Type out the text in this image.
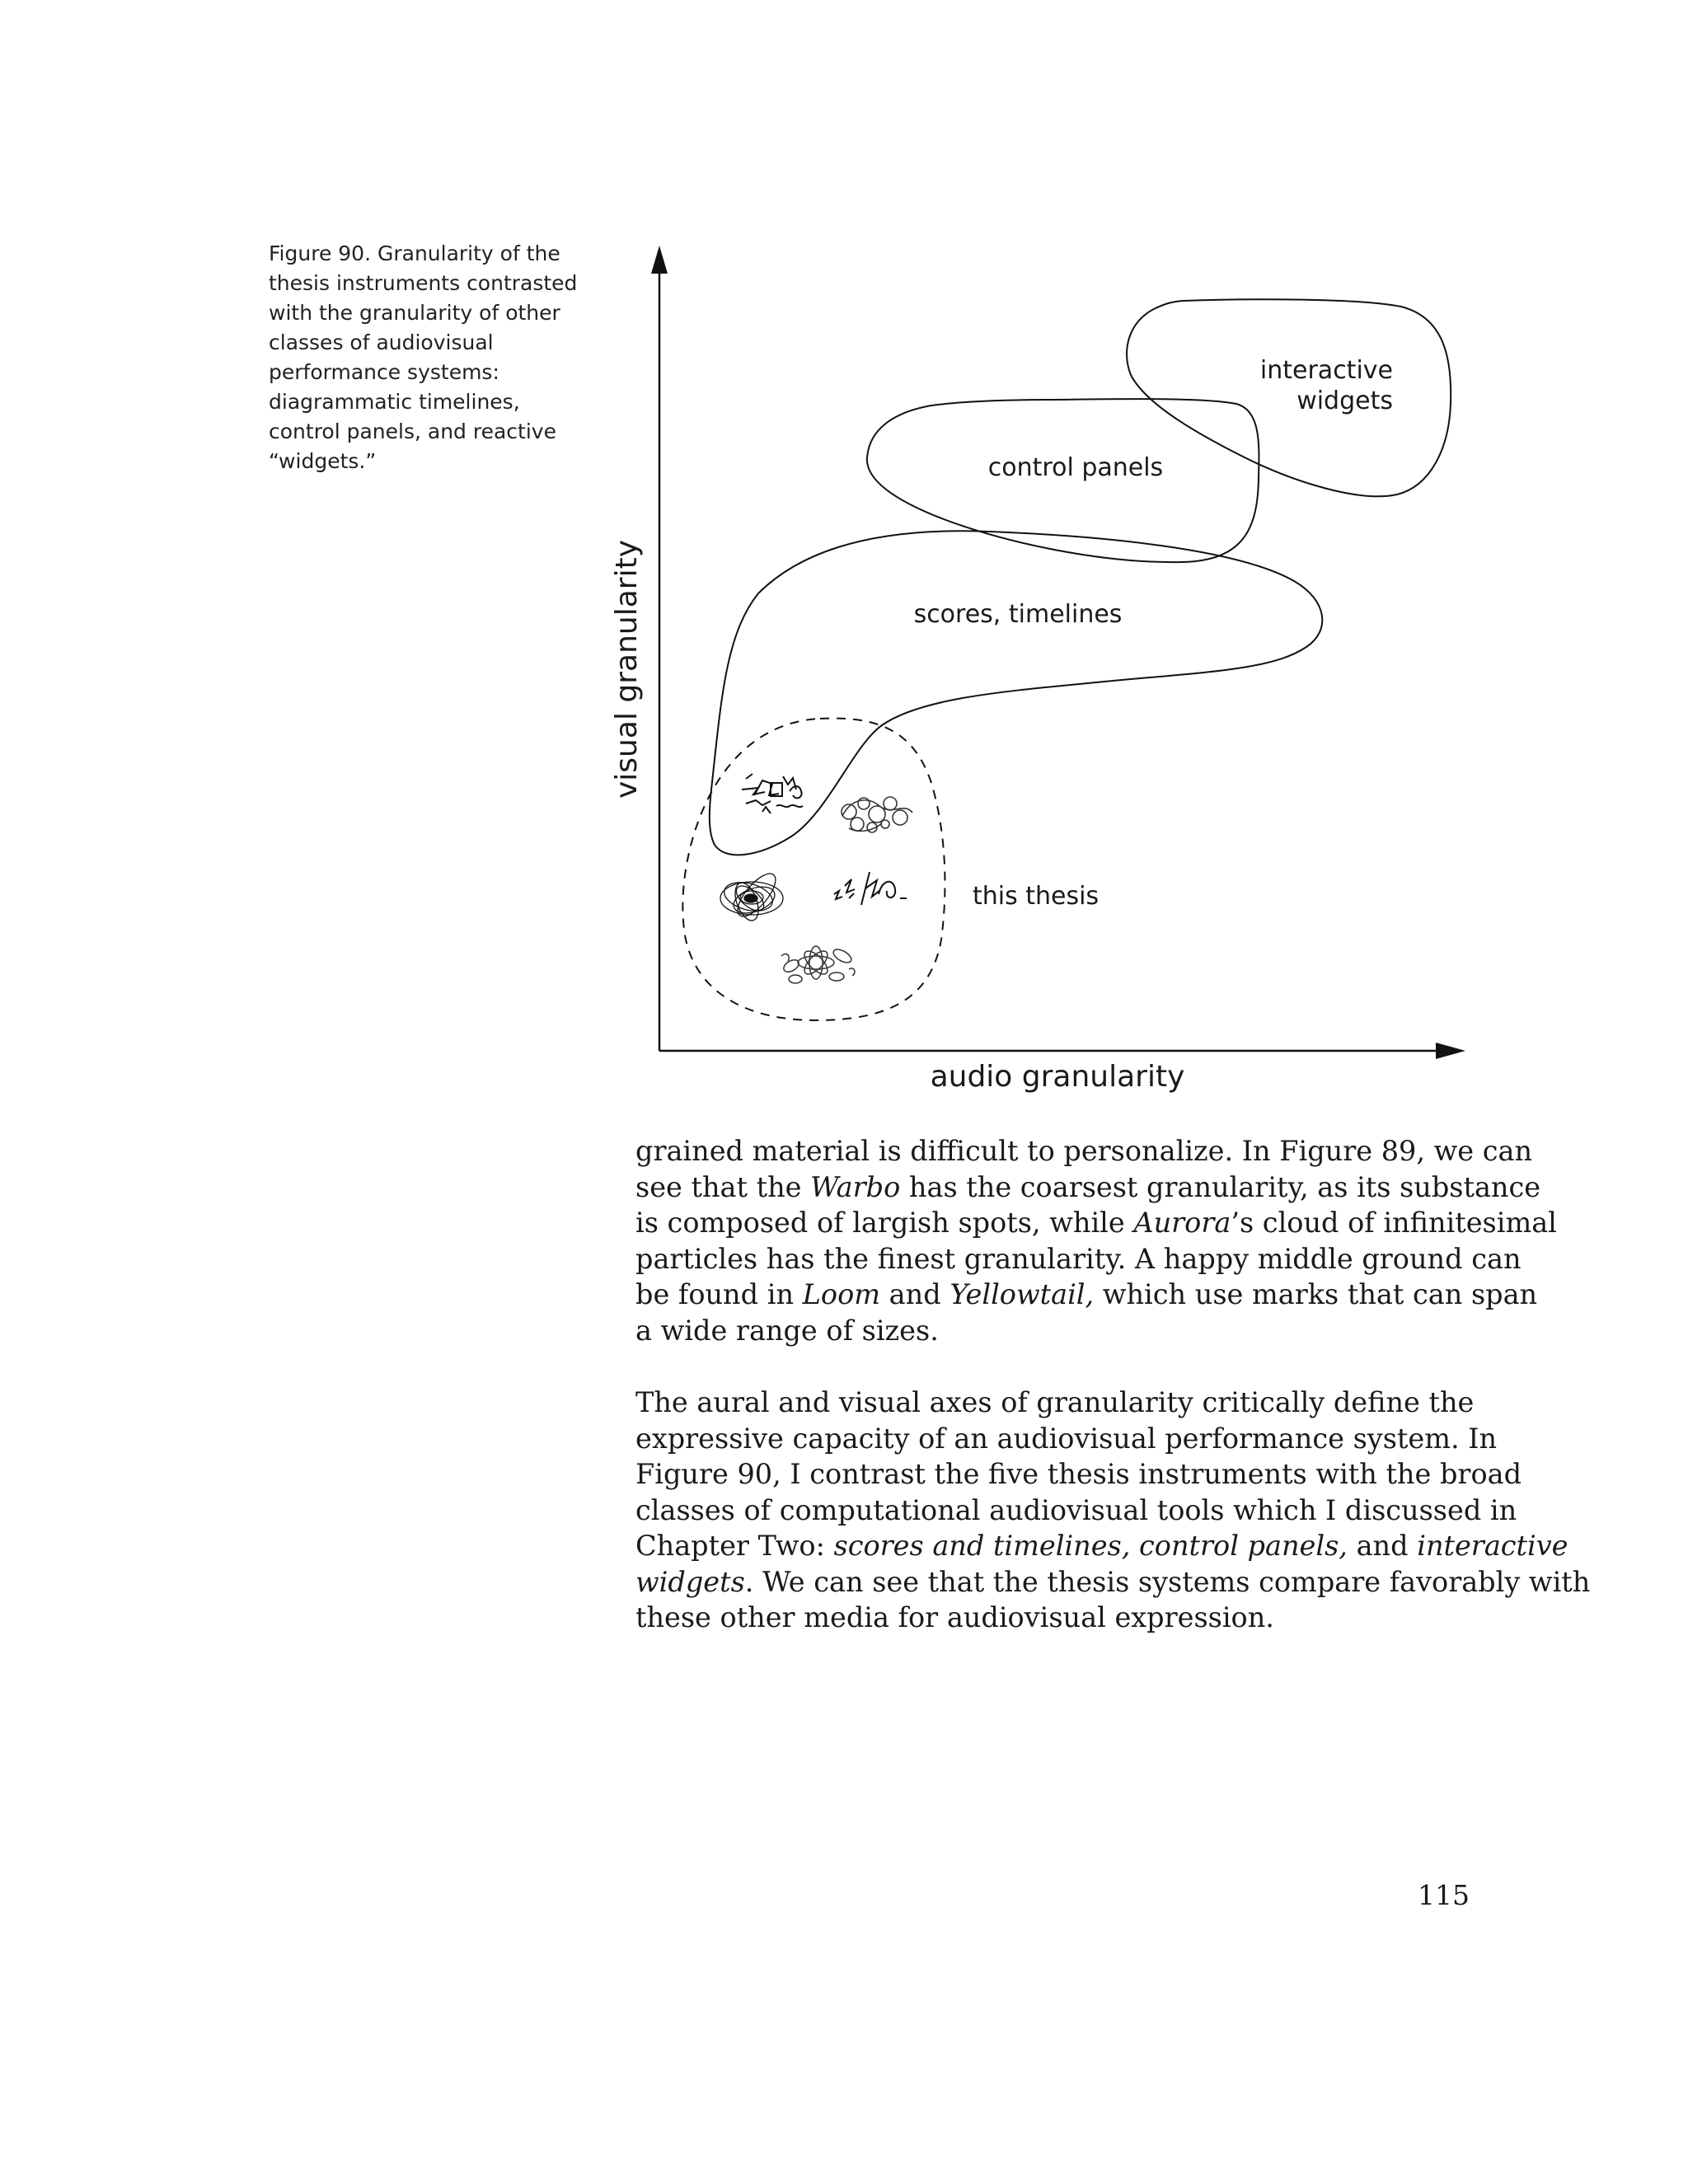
Figure 90. Granularity of the
thesis instruments contrasted
with the granularity of other
classes of audiovisual
performance systems:
diagrammatic timelines,
control panels, and reactive
“widgets.”
audio granularity
visual granularity
interactive
widgets
control panels
scores, timelines
this thesis
grained material is difficult to personalize. In Figure 89, we can
see that the Warbo has the coarsest granularity, as its substance
is composed of largish spots, while Aurora’s cloud of infinitesimal
particles has the finest granularity. A happy middle ground can
be found in Loom and Yellowtail, which use marks that can span
a wide range of sizes.
The aural and visual axes of granularity critically define the
expressive capacity of an audiovisual performance system. In
Figure 90, I contrast the five thesis instruments with the broad
classes of computational audiovisual tools which I discussed in
Chapter Two: scores and timelines, control panels, and interactive
widgets. We can see that the thesis systems compare favorably with
these other media for audiovisual expression.
115
